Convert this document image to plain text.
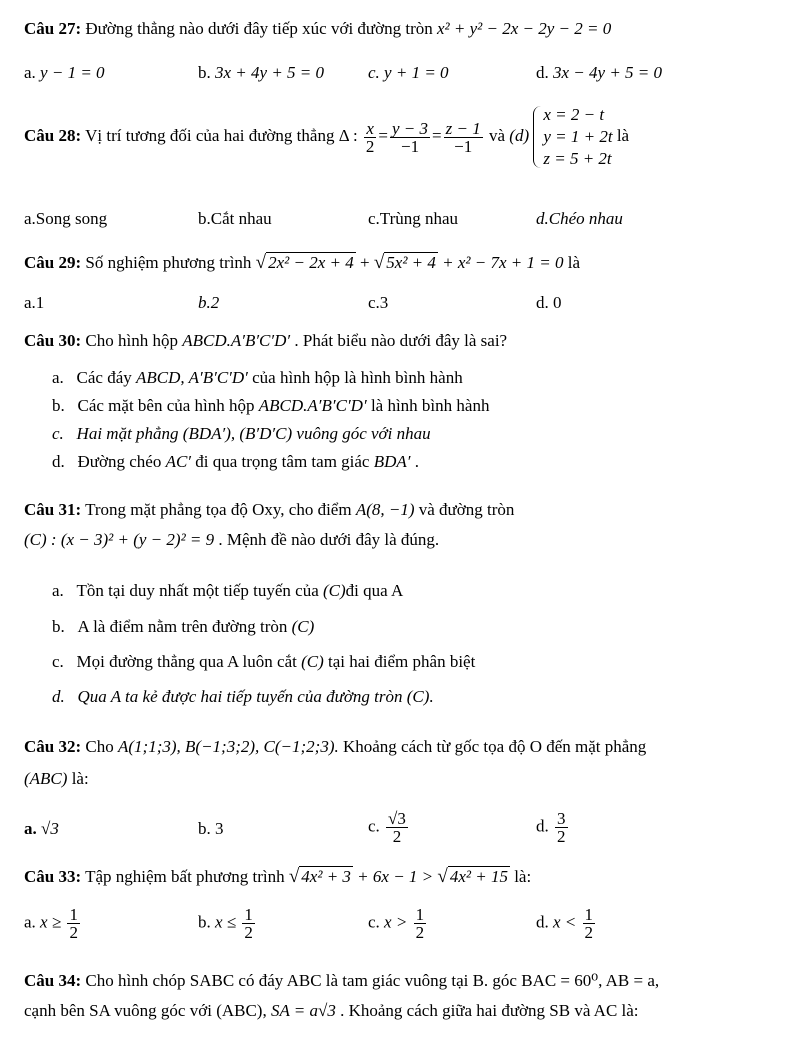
Câu 27: Đường thẳng nào dưới đây tiếp xúc với đường tròn x² + y² − 2x − 2y − 2 = 0
a. y − 1 = 0	b. 3x + 4y + 5 = 0	c. y + 1 = 0	d. 3x − 4y + 5 = 0
Câu 28: Vị trí tương đối của hai đường thẳng Δ : $\frac{x}{2} = \frac{y - 3}{-1} = \frac{z - 1}{-1}$ và (d)
x = 2 − t
y = 1 + 2t
z = 5 + 2t
là
a.Song song	b.Cắt nhau	c.Trùng nhau	d.Chéo nhau
Câu 29: Số nghiệm phương trình √ 2x² − 2x + 4 + √ 5x² + 4 + x² − 7x + 1 = 0 là
a.1	b.2	c.3	d. 0
Câu 30: Cho hình hộp ABCD.A′B′C′D′ . Phát biểu nào dưới đây là sai?
a. Các đáy ABCD, A′B′C′D′ của hình hộp là hình bình hành
b. Các mặt bên của hình hộp ABCD.A′B′C′D′ là hình bình hành
c. Hai mặt phẳng (BDA′), (B′D′C) vuông góc với nhau
d. Đường chéo AC′ đi qua trọng tâm tam giác BDA′ .
Câu 31: Trong mặt phẳng tọa độ Oxy, cho điểm A(8, −1) và đường tròn
(C) : (x − 3)² + (y − 2)² = 9 . Mệnh đề nào dưới đây là đúng.
a. Tồn tại duy nhất một tiếp tuyến của (C)đi qua A
b. A là điểm nằm trên đường tròn (C)
c. Mọi đường thẳng qua A luôn cắt (C) tại hai điểm phân biệt
d. Qua A ta kẻ được hai tiếp tuyến của đường tròn (C).
Câu 32: Cho A(1;1;3), B(−1;3;2), C(−1;2;3). Khoảng cách từ gốc tọa độ O đến mặt phẳng
(ABC) là:
a. √3	b. 3	c. $\frac{√3}{2}$	d. $\frac{3}{2}$
Câu 33: Tập nghiệm bất phương trình √ 4x² + 3 + 6x − 1 > √ 4x² + 15 là:
a. $x \ge \frac{1}{2}$	b. $x \le \frac{1}{2}$	c. $x > \frac{1}{2}$	d. $x < \frac{1}{2}$
Câu 34: Cho hình chóp SABC có đáy ABC là tam giác vuông tại B. góc BAC = 60⁰, AB = a,
cạnh bên SA vuông góc với (ABC), SA = a√3 . Khoảng cách giữa hai đường SB và AC là:
